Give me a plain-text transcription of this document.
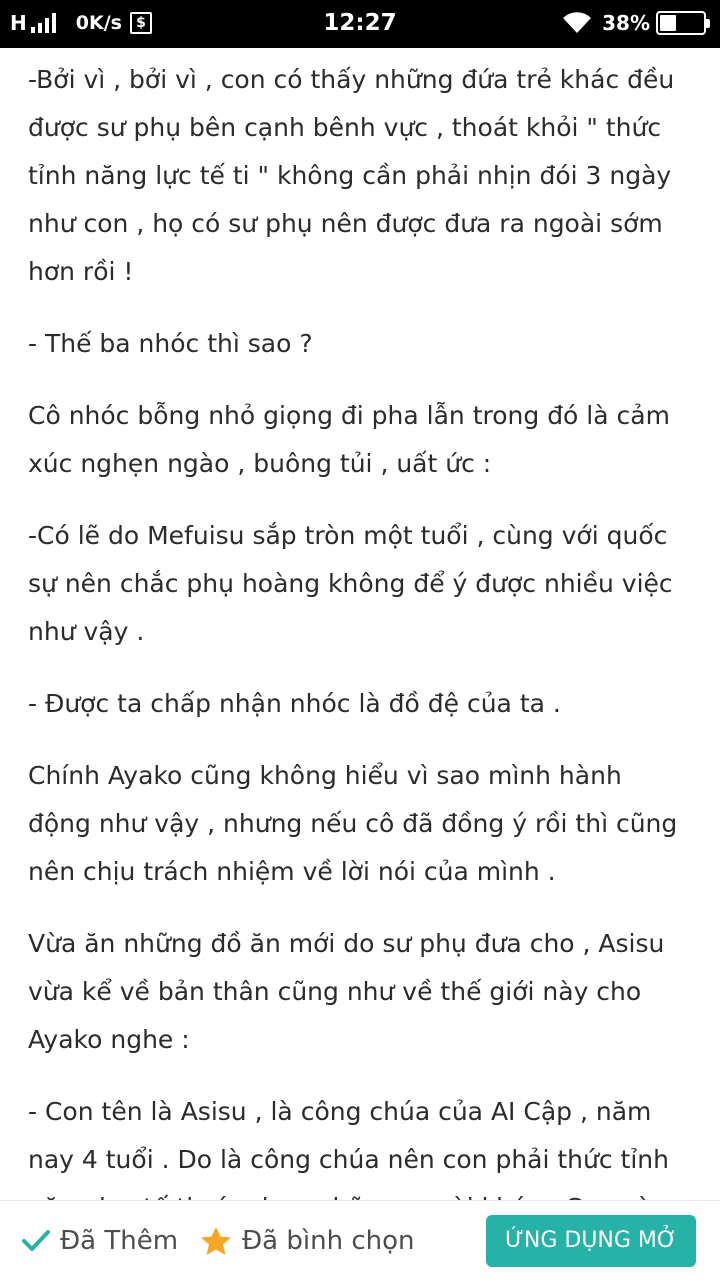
H	0K/s	$	12:27	38%

-Bởi vì , bởi vì , con có thấy những đứa trẻ khác đều được sư phụ bên cạnh bênh vực , thoát khỏi " thức tỉnh năng lực tế ti " không cần phải nhịn đói 3 ngày như con , họ có sư phụ nên được đưa ra ngoài sớm hơn rồi !

- Thế ba nhóc thì sao ?

Cô nhóc bỗng nhỏ giọng đi pha lẫn trong đó là cảm xúc nghẹn ngào , buông tủi , uất ức :

-Có lẽ do Mefuisu sắp tròn một tuổi , cùng với quốc sự nên chắc phụ hoàng không để ý được nhiều việc như vậy .

- Được ta chấp nhận nhóc là đồ đệ của ta .

Chính Ayako cũng không hiểu vì sao mình hành động như vậy , nhưng nếu cô đã đồng ý rồi thì cũng nên chịu trách nhiệm về lời nói của mình .

Vừa ăn những đồ ăn mới do sư phụ đưa cho , Asisu vừa kể về bản thân cũng như về thế giới này cho Ayako nghe :

- Con tên là Asisu , là công chúa của AI Cập , năm nay 4 tuổi . Do là công chúa nên con phải thức tỉnh

Đã Thêm Đã bình chọn	ỨNG DỤNG MỞ
